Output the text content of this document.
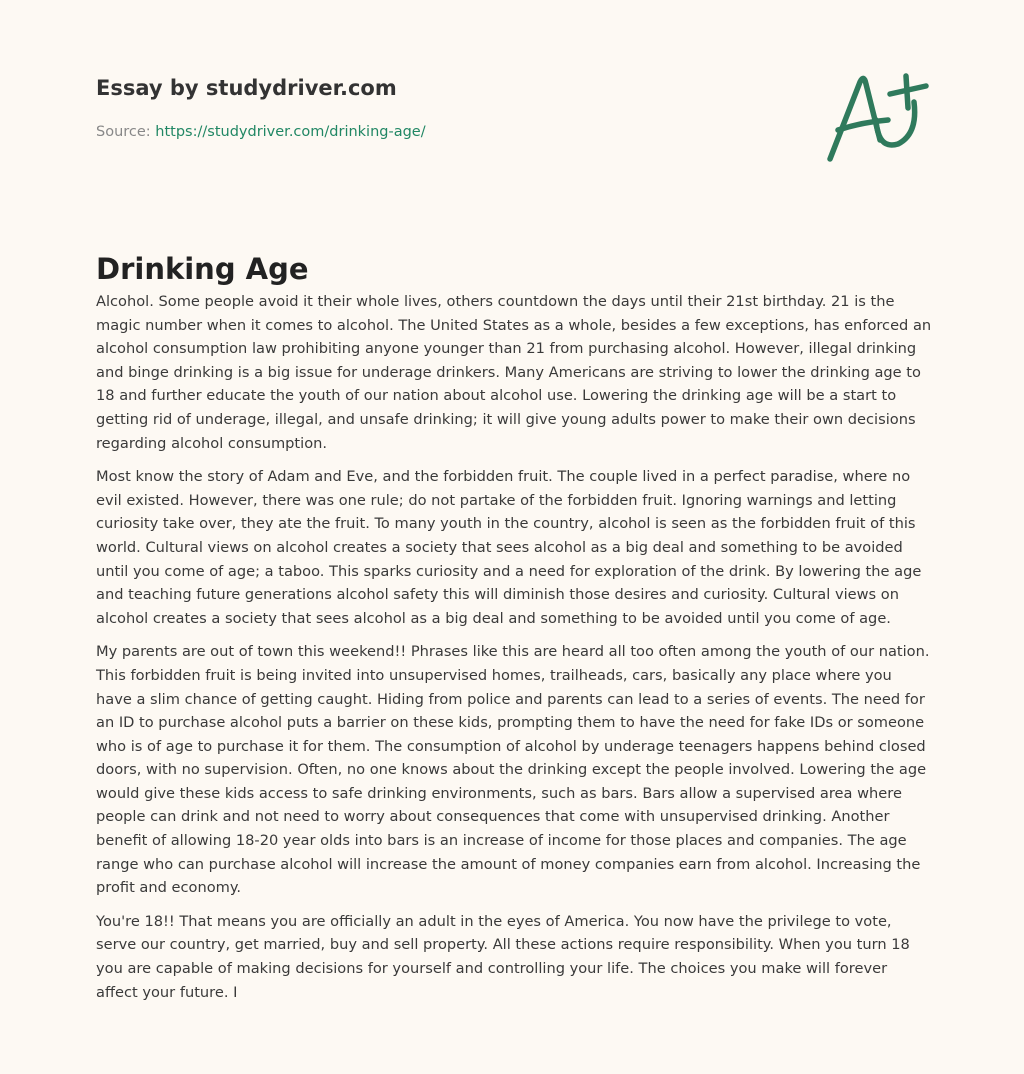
Essay by studydriver.com

Source: https://studydriver.com/drinking-age/
Drinking Age

Alcohol. Some people avoid it their whole lives, others countdown the days until their 21st birthday. 21 is the magic number when it comes to alcohol. The United States as a whole, besides a few exceptions, has enforced an alcohol consumption law prohibiting anyone younger than 21 from purchasing alcohol. However, illegal drinking and binge drinking is a big issue for underage drinkers. Many Americans are striving to lower the drinking age to 18 and further educate the youth of our nation about alcohol use. Lowering the drinking age will be a start to getting rid of underage, illegal, and unsafe drinking; it will give young adults power to make their own decisions regarding alcohol consumption.

Most know the story of Adam and Eve, and the forbidden fruit. The couple lived in a perfect paradise, where no evil existed. However, there was one rule; do not partake of the forbidden fruit. Ignoring warnings and letting curiosity take over, they ate the fruit. To many youth in the country, alcohol is seen as the forbidden fruit of this world. Cultural views on alcohol creates a society that sees alcohol as a big deal and something to be avoided until you come of age; a taboo. This sparks curiosity and a need for exploration of the drink. By lowering the age and teaching future generations alcohol safety this will diminish those desires and curiosity. Cultural views on alcohol creates a society that sees alcohol as a big deal and something to be avoided until you come of age.

My parents are out of town this weekend!! Phrases like this are heard all too often among the youth of our nation. This forbidden fruit is being invited into unsupervised homes, trailheads, cars, basically any place where you have a slim chance of getting caught. Hiding from police and parents can lead to a series of events. The need for an ID to purchase alcohol puts a barrier on these kids, prompting them to have the need for fake IDs or someone who is of age to purchase it for them. The consumption of alcohol by underage teenagers happens behind closed doors, with no supervision. Often, no one knows about the drinking except the people involved. Lowering the age would give these kids access to safe drinking environments, such as bars. Bars allow a supervised area where people can drink and not need to worry about consequences that come with unsupervised drinking. Another benefit of allowing 18-20 year olds into bars is an increase of income for those places and companies. The age range who can purchase alcohol will increase the amount of money companies earn from alcohol. Increasing the profit and economy.

You're 18!! That means you are officially an adult in the eyes of America. You now have the privilege to vote, serve our country, get married, buy and sell property. All these actions require responsibility. When you turn 18 you are capable of making decisions for yourself and controlling your life. The choices you make will forever affect your future. I
